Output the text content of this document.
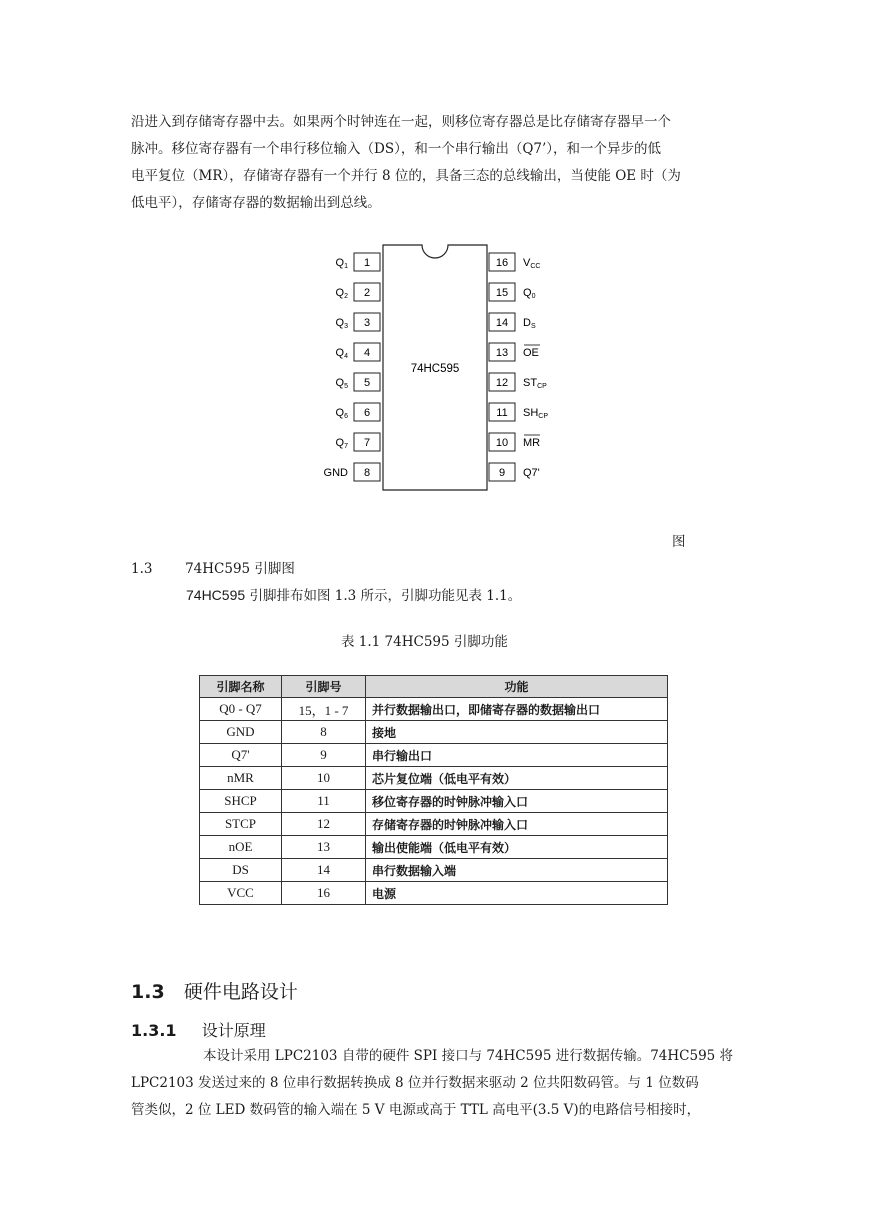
沿进入到存储寄存器中去。如果两个时钟连在一起，则移位寄存器总是比存储寄存器早一个
脉冲。移位寄存器有一个串行移位输入（DS），和一个串行输出（Q7’），和一个异步的低
电平复位（MR），存储寄存器有一个并行 8 位的，具备三态的总线输出，当使能 OE 时（为
低电平），存储寄存器的数据输出到总线。
74HC595
1
Q1
2
Q2
3
Q3
4
Q4
5
Q5
6
Q6
7
Q7
8
GND
16 VCC
15 Q0
14 DS
13 OE
12 STCP
11 SHCP
10 MR
9 Q7'
图
1.3 74HC595 引脚图
74HC595 引脚排布如图 1.3 所示，引脚功能见表 1.1。
表 1.1 74HC595 引脚功能
引脚名称	引脚号	功能
Q0 - Q7	15，1 - 7	并行数据输出口，即储寄存器的数据输出口
GND	8	接地
Q7'	9	串行输出口
nMR	10	芯片复位端（低电平有效）
SHCP	11	移位寄存器的时钟脉冲输入口
STCP	12	存储寄存器的时钟脉冲输入口
nOE	13	输出使能端（低电平有效）
DS	14	串行数据输入端
VCC	16	电源
1.3 硬件电路设计
1.3.1 设计原理
本设计采用 LPC2103 自带的硬件 SPI 接口与 74HC595 进行数据传输。74HC595 将
LPC2103 发送过来的 8 位串行数据转换成 8 位并行数据来驱动 2 位共阳数码管。与 1 位数码
管类似，2 位 LED 数码管的输入端在 5 V 电源或高于 TTL 高电平(3.5 V)的电路信号相接时，
